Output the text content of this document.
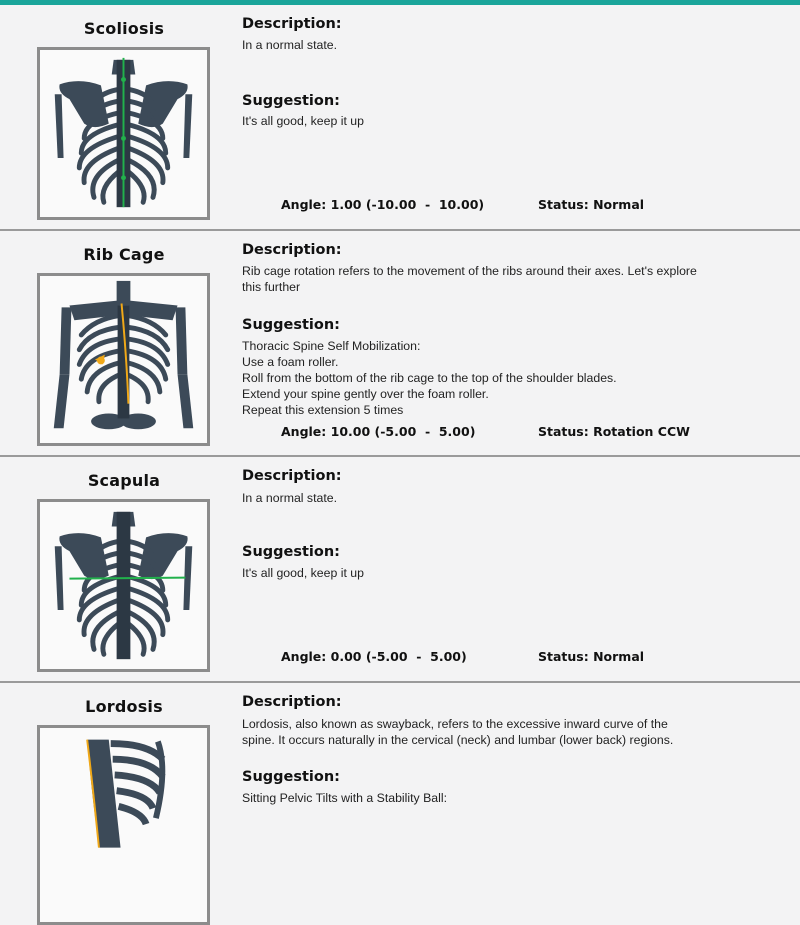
Scoliosis	Description:
In a normal state.
Suggestion:
It's all good, keep it up
Angle: 1.00 (-10.00  -  10.00)	Status: Normal
Rib Cage	Description:
Rib cage rotation refers to the movement of the ribs around their axes. Let's explore
this further
Suggestion:
Thoracic Spine Self Mobilization:
Use a foam roller.
Roll from the bottom of the rib cage to the top of the shoulder blades.
Extend your spine gently over the foam roller.
Repeat this extension 5 times
Angle: 10.00 (-5.00  -  5.00)	Status: Rotation CCW
Scapula	Description:
In a normal state.
Suggestion:
It's all good, keep it up
Angle: 0.00 (-5.00  -  5.00)	Status: Normal
Lordosis	Description:
Lordosis, also known as swayback, refers to the excessive inward curve of the
spine. It occurs naturally in the cervical (neck) and lumbar (lower back) regions.
Suggestion:
Sitting Pelvic Tilts with a Stability Ball:
